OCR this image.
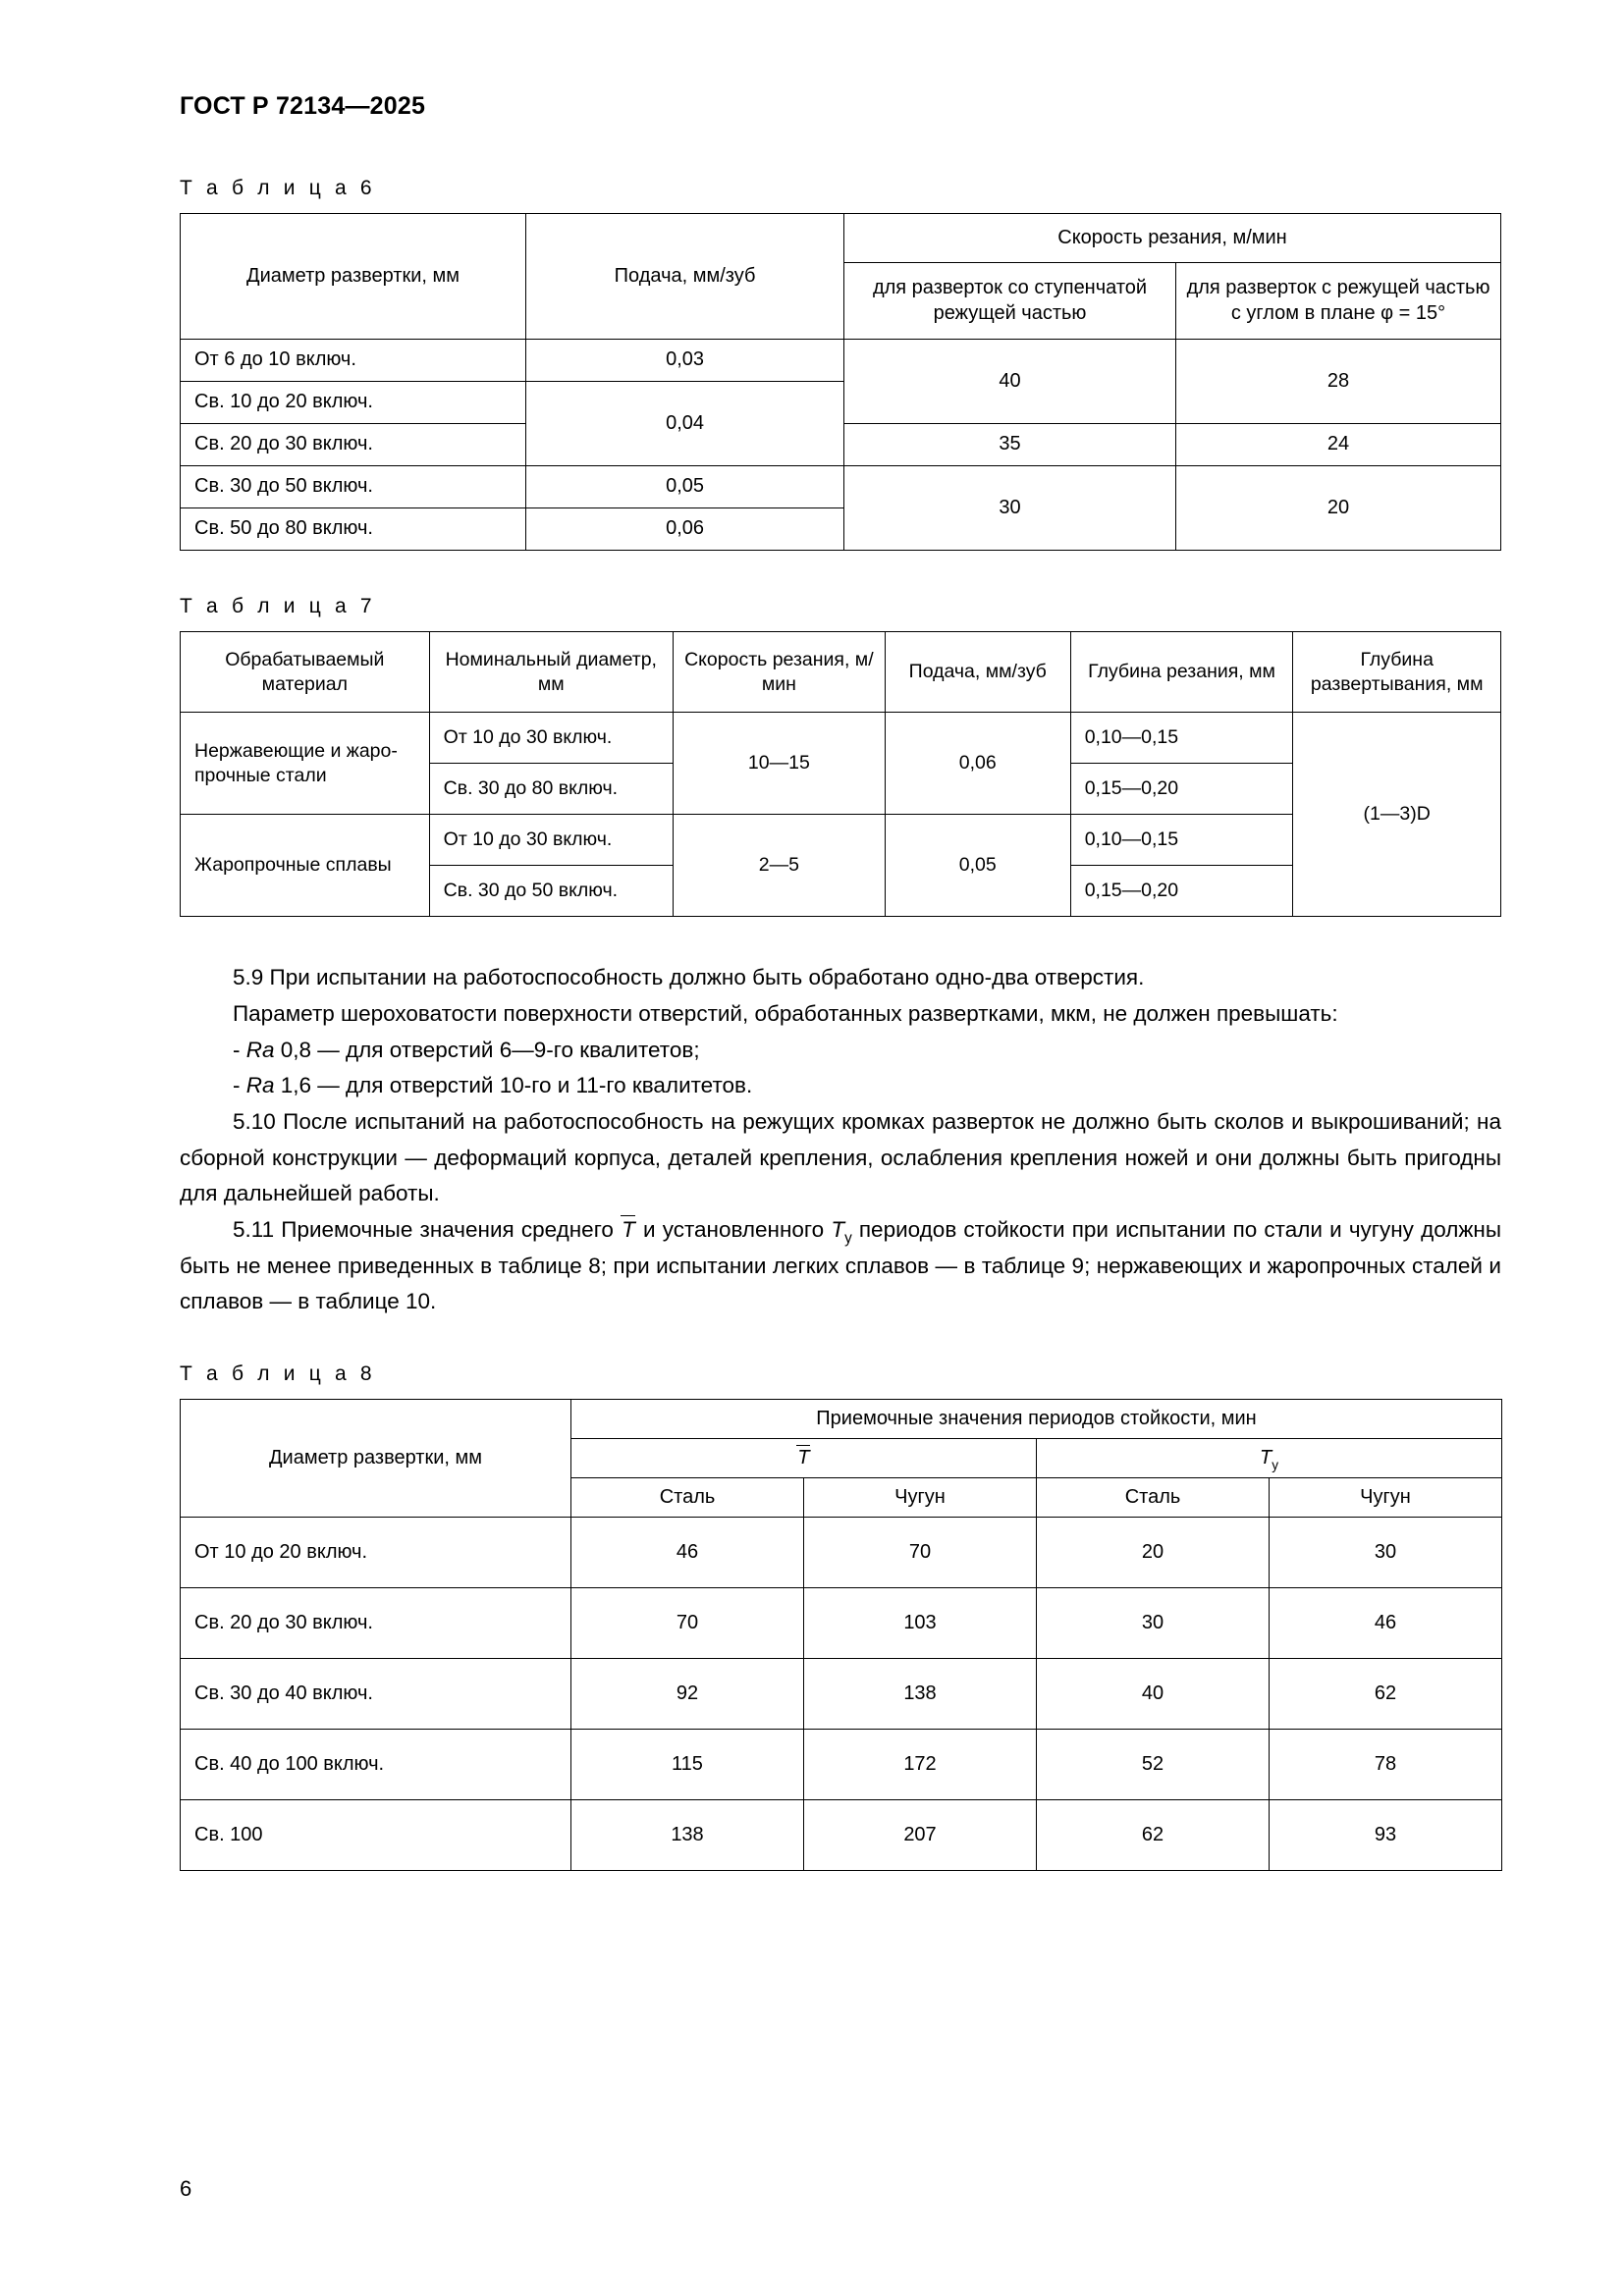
ГОСТ Р 72134—2025
Т а б л и ц а 6
Диаметр развертки, мм	Подача, мм/зуб	Скорость резания, м/мин	
		для разверток со ступенчатой режущей частью	для разверток с режущей частью с углом в плане φ = 15°
От 6 до 10 включ.	0,03	40	28
Св. 10 до 20 включ.	0,04		
Св. 20 до 30 включ.		35	24
Св. 30 до 50 включ.	0,05	30	20
Св. 50 до 80 включ.	0,06		
Т а б л и ц а 7
Обрабатываемый материал	Номинальный диаметр, мм	Скорость резания, м/мин	Подача, мм/зуб	Глубина резания, мм	Глубина развертывания, мм
Нержавеющие и жаро-прочные стали	От 10 до 30 включ.	10—15	0,06	0,10—0,15	(1—3)D
	Св. 30 до 80 включ.			0,15—0,20	
Жаропрочные сплавы	От 10 до 30 включ.	2—5	0,05	0,10—0,15	
	Св. 30 до 50 включ.			0,15—0,20	

5.9 При испытании на работоспособность должно быть обработано одно-два отверстия.

Параметр шероховатости поверхности отверстий, обработанных развертками, мкм, не должен превышать:

- Ra 0,8 — для отверстий 6—9-го квалитетов;

- Ra 1,6 — для отверстий 10-го и 11-го квалитетов.

5.10 После испытаний на работоспособность на режущих кромках разверток не должно быть сколов и выкрошиваний; на сборной конструкции — деформаций корпуса, деталей крепления, ослабления крепления ножей и они должны быть пригодны для дальнейшей работы.

5.11 Приемочные значения среднего T и установленного $T_у$ периодов стойкости при испытании по стали и чугуну должны быть не менее приведенных в таблице 8; при испытании легких сплавов — в таблице 9; нержавеющих и жаропрочных сталей и сплавов — в таблице 10.

Т а б л и ц а 8
Диаметр развертки, мм	Приемочные значения периодов стойкости, мин			
	T		$T_у$
	Сталь	Чугун	Сталь	Чугун
От 10 до 20 включ.	46	70	20	30
Св. 20 до 30 включ.	70	103	30	46
Св. 30 до 40 включ.	92	138	40	62
Св. 40 до 100 включ.	115	172	52	78
Св. 100	138	207	62	93
6
